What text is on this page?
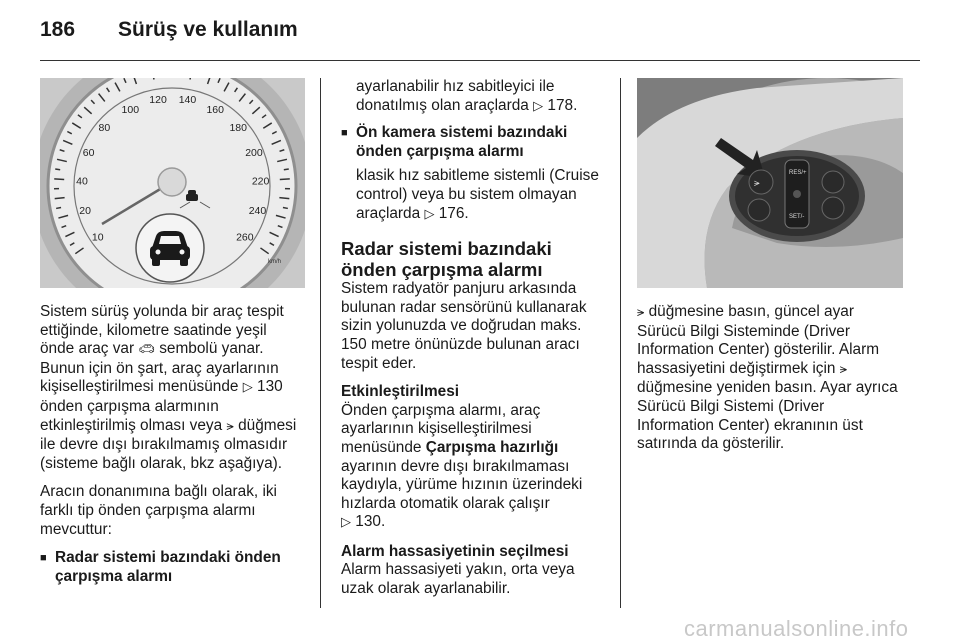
186 Sürüş ve kullanım
10
20
40
60
80
100
120 140
160
180
200
220
240
260
km/h

Sistem sürüş yolunda bir araç tespit ettiğinde, kilometre saatinde yeşil önde araç var 🚗︎ sembolü yanar. Bunun için ön şart, araç ayarlarının kişiselleştirilmesi menüsünde ▷ 130 önden çarpışma alarmının etkinleştirilmiş olması veya ⪫ düğmesi ile devre dışı bırakılmamış olmasıdır (sisteme bağlı olarak, bkz aşağıya).

Aracın donanımına bağlı olarak, iki farklı tip önden çarpışma alarmı mevcuttur:

■ Radar sistemi bazındaki önden çarpışma alarmı

ayarlanabilir hız sabitleyici ile donatılmış olan araçlarda ▷ 178.

■ Ön kamera sistemi bazındaki önden çarpışma alarmı

klasik hız sabitleme sistemli (Cruise control) veya bu sistem olmayan araçlarda ▷ 176.

Radar sistemi bazındaki önden çarpışma alarmı

Sistem radyatör panjuru arkasında bulunan radar sensörünü kullanarak sizin yolunuzda ve doğrudan maks. 150 metre önünüzde bulunan aracı tespit eder.

Etkinleştirilmesi

Önden çarpışma alarmı, araç ayarlarının kişiselleştirilmesi menüsünde Çarpışma hazırlığı ayarının devre dışı bırakılmaması kaydıyla, yürüme hızının üzerindeki hızlarda otomatik olarak çalışır
▷ 130.

Alarm hassasiyetinin seçilmesi

Alarm hassasiyeti yakın, orta veya uzak olarak ayarlanabilir.

RES/+
SET/-
⪫

⪫ düğmesine basın, güncel ayar Sürücü Bilgi Sisteminde (Driver Information Center) gösterilir. Alarm hassasiyetini değiştirmek için ⪫ düğmesine yeniden basın. Ayar ayrıca Sürücü Bilgi Sistemi (Driver Information Center) ekranının üst satırında da gösterilir.

carmanualsonline.info
